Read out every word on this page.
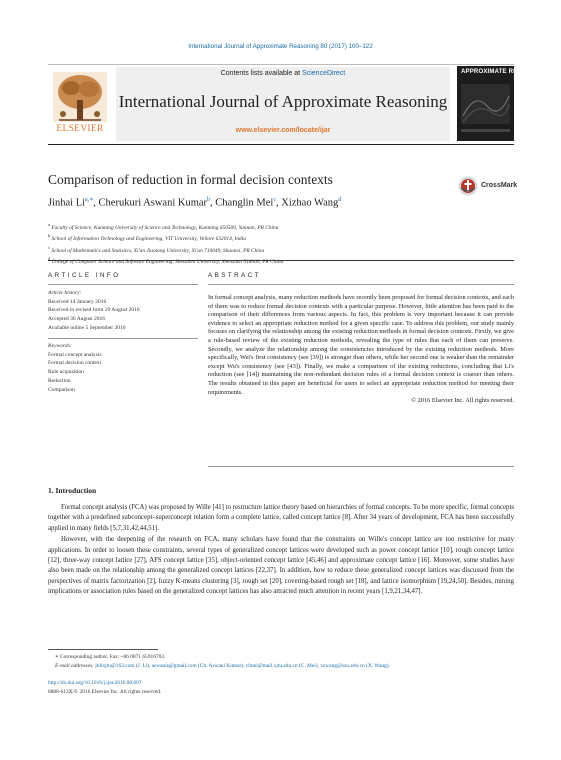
International Journal of Approximate Reasoning 80 (2017) 100–122
ELSEVIER
Contents lists available at ScienceDirect
International Journal of Approximate Reasoning
www.elsevier.com/locate/ijar
APPROXIMATE REASONING
Comparison of reduction in formal decision contexts	CrossMark
Jinhai $Li^{a,∗}$, Cherukuri Aswani Kumar$^b$, Changlin Mei$^c$, Xizhao Wang$^d$
$^a$ Faculty of Science, Kunming University of Science and Technology, Kunming 650500, Yunnan, PR China
$^b$ School of Information Technology and Engineering, VIT University, Vellore 632014, India
$^c$ School of Mathematics and Statistics, Xi'an Jiaotong University, Xi'an 710049, Shaanxi, PR China
$^d$ College of Computer Science and Software Engineering, Shenzhen University, Shenzhen 518060, PR China
ARTICLE INFO
Article history:
Received 14 January 2016
Received in revised form 29 August 2016
Accepted 30 August 2016
Available online 5 September 2016
Keywords:
Formal concept analysis
Formal decision context
Rule acquisition
Reduction
Comparison
ABSTRACT
In formal concept analysis, many reduction methods have recently been proposed for formal decision contexts, and each of them was to reduce formal decision contexts with a particular purpose. However, little attention has been paid to the comparison of their differences from various aspects. In fact, this problem is very important because it can provide evidence to select an appropriate reduction method for a given specific case. To address this problem, our study mainly focuses on clarifying the relationship among the existing reduction methods in formal decision contexts. Firstly, we give a rule-based review of the existing reduction methods, revealing the type of rules that each of them can preserve. Secondly, we analyze the relationship among the consistencies introduced by the existing reduction methods. More specifically, Wei's first consistency (see [39]) is stronger than others, while her second one is weaker than the remainder except Wu's consistency (see [43]). Finally, we make a comparison of the existing reductions, concluding that Li's reduction (see [14]) maintaining the non-redundant decision rules of a formal decision context is coarser than others. The results obtained in this paper are beneficial for users to select an appropriate reduction method for meeting their requirements.
© 2016 Elsevier Inc. All rights reserved.
1. Introduction

Formal concept analysis (FCA) was proposed by Wille [41] to restructure lattice theory based on hierarchies of formal concepts. To be more specific, formal concepts together with a predefined subconcept–superconcept relation form a complete lattice, called concept lattice [8]. After 34 years of development, FCA has been successfully applied in many fields [5,7,31,42,44,51].

However, with the deepening of the research on FCA, many scholars have found that the constraints on Wille's concept lattice are too restrictive for many applications. In order to loosen these constraints, several types of generalized concept lattices were developed such as power concept lattice [10], rough concept lattice [12], three-way concept lattice [27], AFS concept lattice [35], object-oriented concept lattice [45,46] and approximate concept lattice [16]. Moreover, some studies have also been made on the relationship among the generalized concept lattices [22,37]. In addition, how to reduce these generalized concept lattices was discussed from the perspectives of matrix factorization [2], fuzzy K-means clustering [3], rough set [20], covering-based rough set [18], and lattice isomorphism [19,24,50]. Besides, mining implications or association rules based on the generalized concept lattices has also attracted much attention in recent years [1,9,21,34,47].

∗ Corresponding author. Fax: +86 0871 65916703.
E-mail addresses: jhlixjtu@163.com (J. Li), aswanis@gmail.com (Ch. Aswani Kumar), clmei@mail.xjtu.edu.cn (C. Mei), xzwang@szu.edu.cn (X. Wang).
http://dx.doi.org/10.1016/j.ijar.2016.08.007
0888-613X/© 2016 Elsevier Inc. All rights reserved.
